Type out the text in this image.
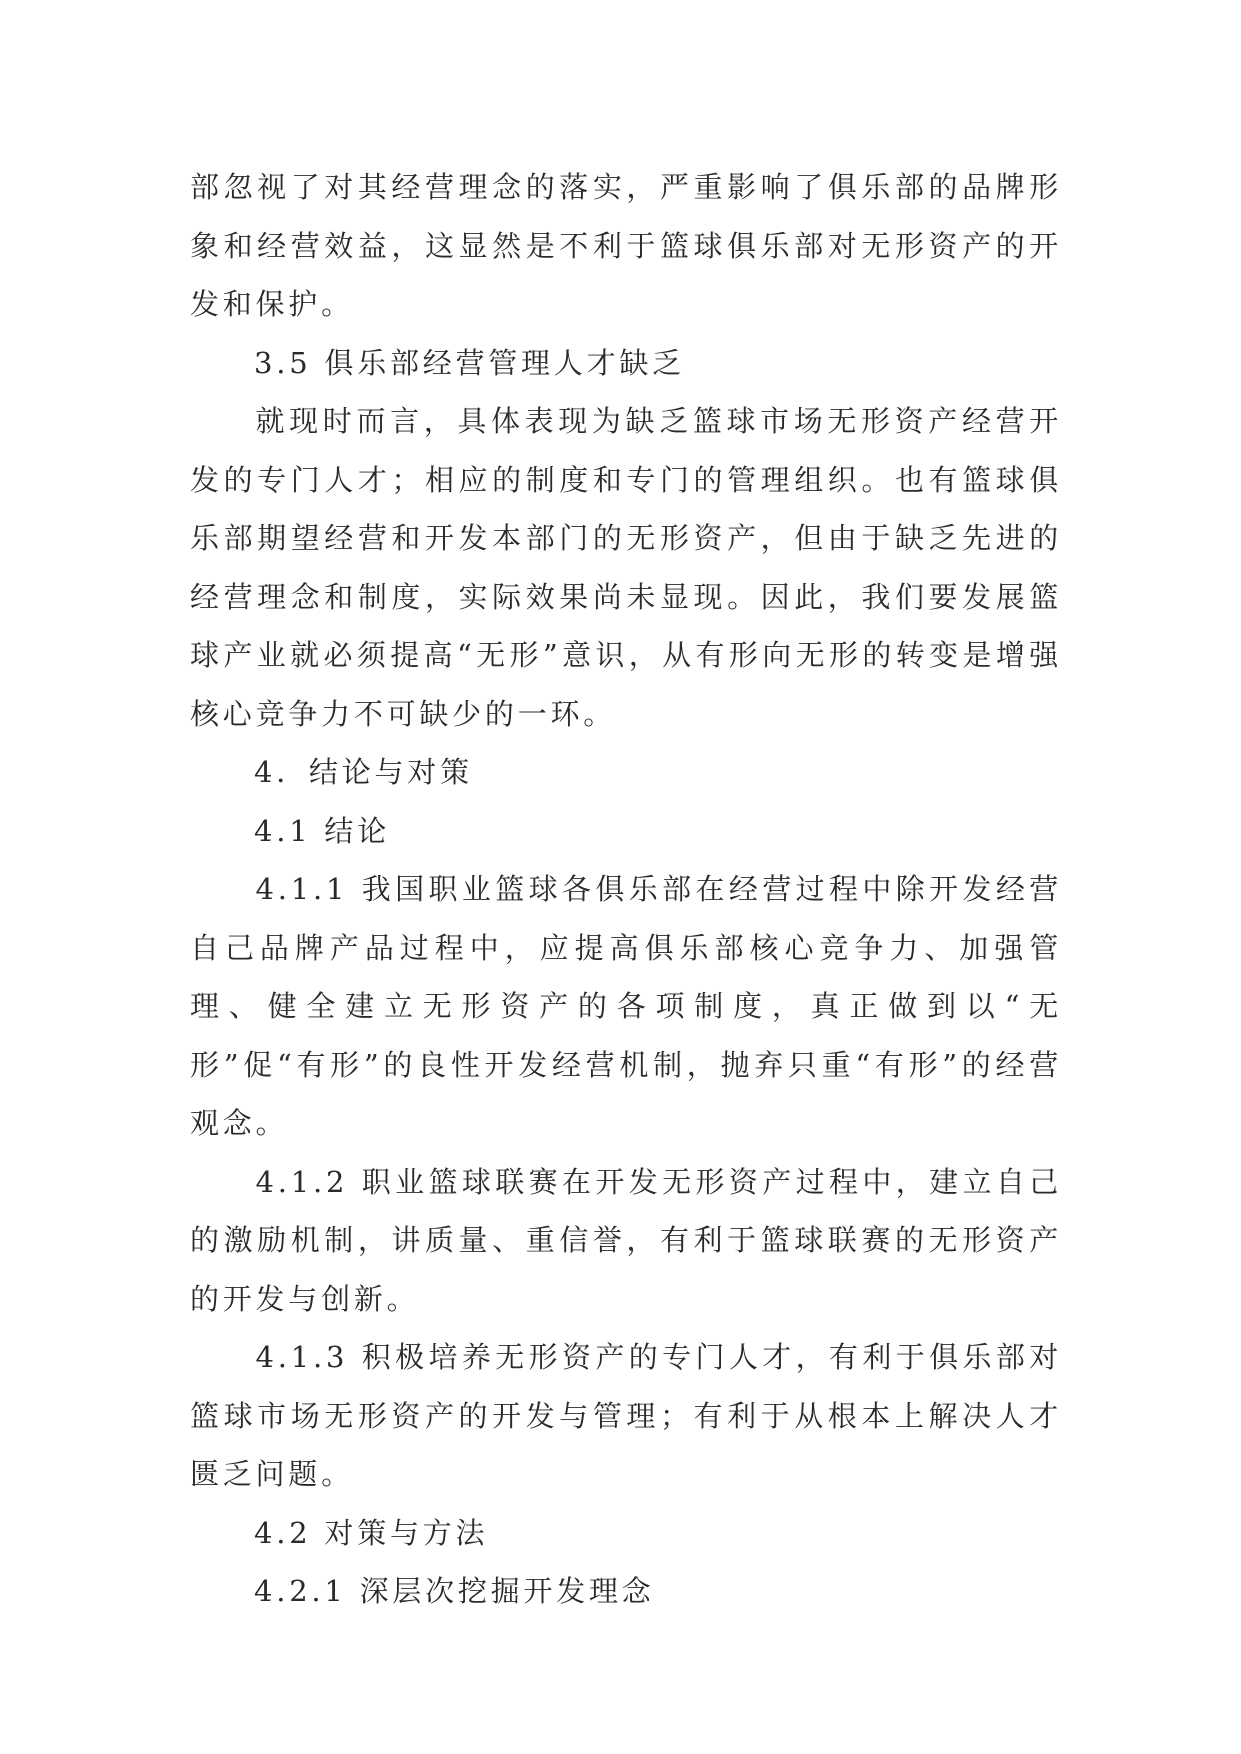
部忽视了对其经营理念的落实，严重影响了俱乐部的品牌形象和经营效益，这显然是不利于篮球俱乐部对无形资产的开发和保护。

3.5 俱乐部经营管理人才缺乏

就现时而言，具体表现为缺乏篮球市场无形资产经营开发的专门人才；相应的制度和专门的管理组织。也有篮球俱乐部期望经营和开发本部门的无形资产，但由于缺乏先进的经营理念和制度，实际效果尚未显现。因此，我们要发展篮球产业就必须提高“无形”意识，从有形向无形的转变是增强核心竞争力不可缺少的一环。

4．结论与对策

4.1 结论

4.1.1 我国职业篮球各俱乐部在经营过程中除开发经营自己品牌产品过程中，应提高俱乐部核心竞争力、加强管理、健全建立无形资产的各项制度，真正做到以“无形”促“有形”的良性开发经营机制，抛弃只重“有形”的经营观念。

4.1.2 职业篮球联赛在开发无形资产过程中，建立自己的激励机制，讲质量、重信誉，有利于篮球联赛的无形资产的开发与创新。

4.1.3 积极培养无形资产的专门人才，有利于俱乐部对篮球市场无形资产的开发与管理；有利于从根本上解决人才匮乏问题。

4.2 对策与方法

4.2.1 深层次挖掘开发理念
